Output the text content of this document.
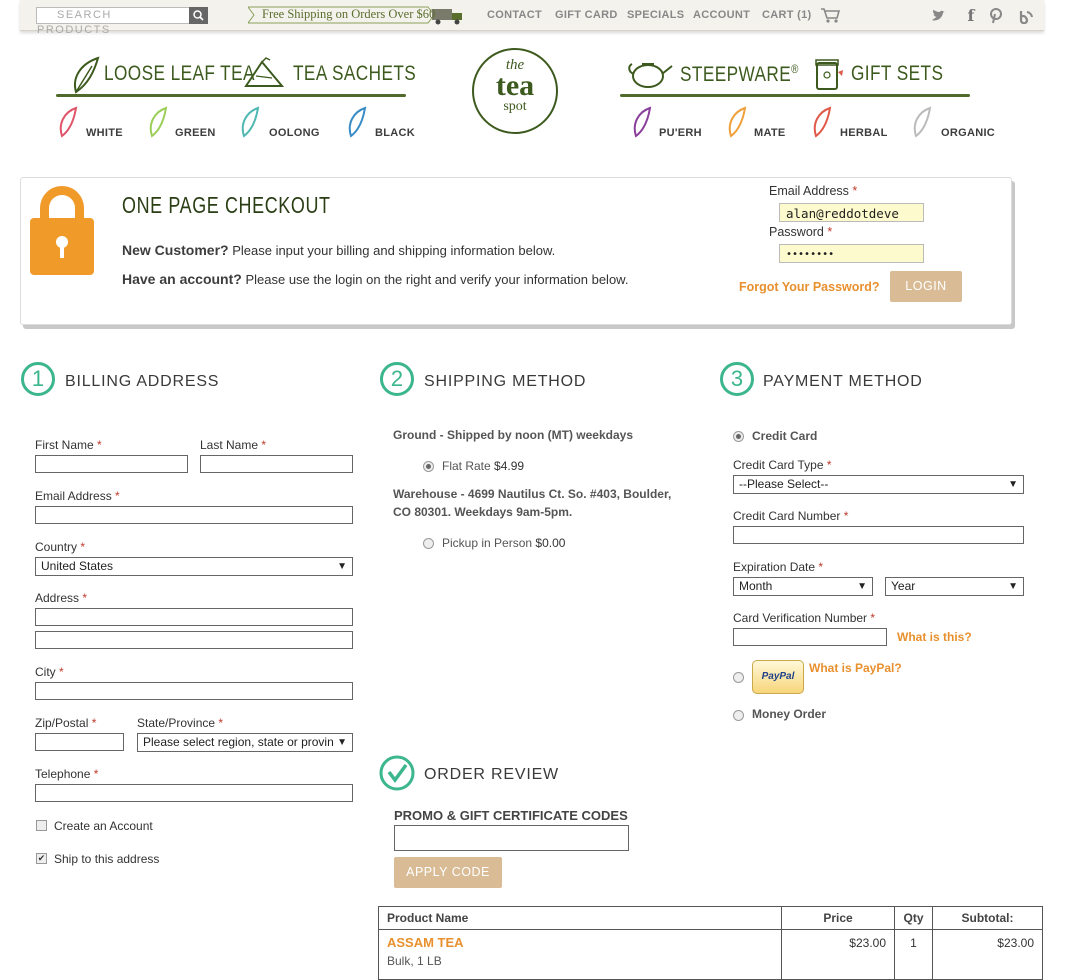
SEARCH PRODUCTS
Free Shipping on Orders Over $60	CONTACT GIFT CARD SPECIALS ACCOUNT CART (1)	f
LOOSE LEAF TEA TEA SACHETS
WHITE	GREEN	OOLONG	BLACK
the
tea
spot
STEEPWARE® GIFT SETS
PU'ERH	MATE	HERBAL	ORGANIC
ONE PAGE CHECKOUT
New Customer? Please input your billing and shipping information below.
Have an account? Please use the login on the right and verify your information below.
Email Address *
alan@reddotdeve
Password *
••••••••
Forgot Your Password?	LOGIN
1	BILLING ADDRESS
First Name *	Last Name *
Email Address *
Country *
United States	▼
Address *
City *
Zip/Postal *	State/Province *
Please select region, state or provin ▼
Telephone *
Create an Account
✔ Ship to this address
2	SHIPPING METHOD
Ground - Shipped by noon (MT) weekdays
Flat Rate $4.99
Warehouse - 4699 Nautilus Ct. So. #403, Boulder,
CO 80301. Weekdays 9am-5pm.
Pickup in Person $0.00
3	PAYMENT METHOD
Credit Card
Credit Card Type *
--Please Select--	▼
Credit Card Number *
Expiration Date *
Month	▼	Year	▼
Card Verification Number *
What is this?
PayPal
What is PayPal?
Money Order
ORDER REVIEW
PROMO & GIFT CERTIFICATE CODES
APPLY CODE
Product Name	Price	Qty	Subtotal:

ASSAM TEA
Bulk, 1 LB	$23.00	1	$23.00
